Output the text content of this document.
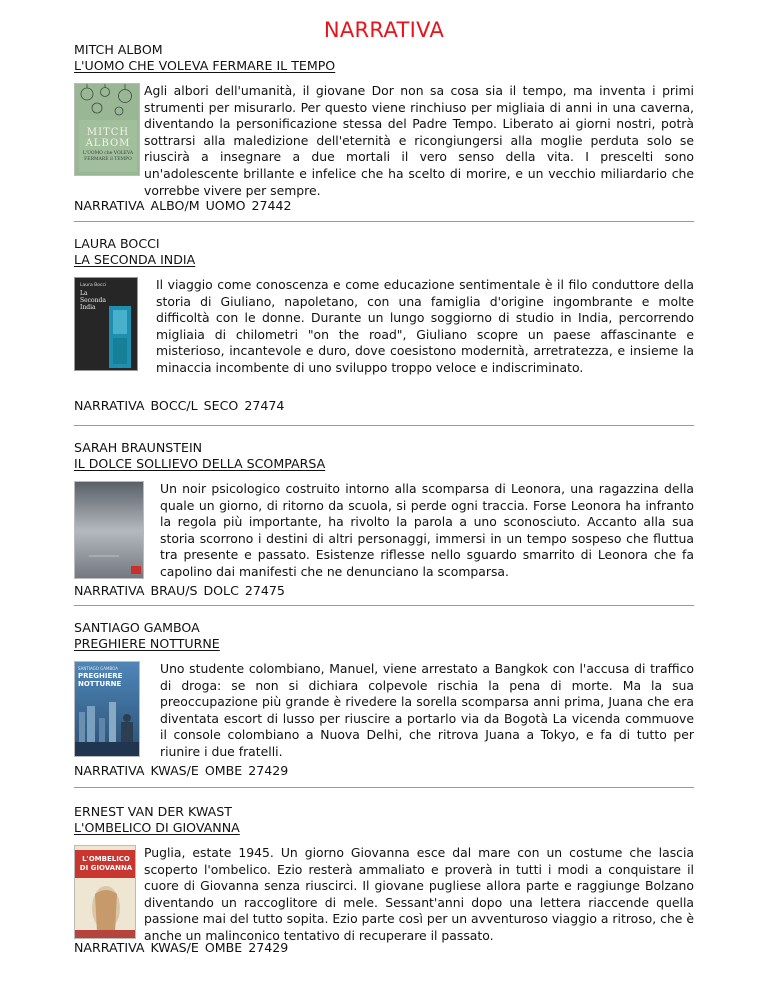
NARRATIVA
MITCH ALBOM
L'UOMO CHE VOLEVA FERMARE IL TEMPO
MITCH
ALBOM
L'UOMO che VOLEVA FERMARE il TEMPO

Agli albori dell'umanità, il giovane Dor non sa cosa sia il tempo, ma inventa i primi strumenti per misurarlo. Per questo viene rinchiuso per migliaia di anni in una caverna, diventando la personificazione stessa del Padre Tempo. Liberato ai giorni nostri, potrà sottrarsi alla maledizione dell'eternità e ricongiungersi alla moglie perduta solo se riuscirà a insegnare a due mortali il vero senso della vita. I prescelti sono un'adolescente brillante e infelice che ha scelto di morire, e un vecchio miliardario che vorrebbe vivere per sempre.

NARRATIVA ALBO/M UOMO 27442
LAURA BOCCI
LA SECONDA INDIA
Laura Bocci
La Seconda India

Il viaggio come conoscenza e come educazione sentimentale è il filo conduttore della storia di Giuliano, napoletano, con una famiglia d'origine ingombrante e molte difficoltà con le donne. Durante un lungo soggiorno di studio in India, percorrendo migliaia di chilometri "on the road", Giuliano scopre un paese affascinante e misterioso, incantevole e duro, dove coesistono modernità, arretratezza, e insieme la minaccia incombente di uno sviluppo troppo veloce e indiscriminato.

NARRATIVA BOCC/L SECO 27474
SARAH BRAUNSTEIN
IL DOLCE SOLLIEVO DELLA SCOMPARSA

Un noir psicologico costruito intorno alla scomparsa di Leonora, una ragazzina della quale un giorno, di ritorno da scuola, si perde ogni traccia. Forse Leonora ha infranto la regola più importante, ha rivolto la parola a uno sconosciuto. Accanto alla sua storia scorrono i destini di altri personaggi, immersi in un tempo sospeso che fluttua tra presente e passato. Esistenze riflesse nello sguardo smarrito di Leonora che fa capolino dai manifesti che ne denunciano la scomparsa.

NARRATIVA BRAU/S DOLC 27475
SANTIAGO GAMBOA
PREGHIERE NOTTURNE
SANTIAGO GAMBOA
PREGHIERE NOTTURNE

Uno studente colombiano, Manuel, viene arrestato a Bangkok con l'accusa di traffico di droga: se non si dichiara colpevole rischia la pena di morte. Ma la sua preoccupazione più grande è rivedere la sorella scomparsa anni prima, Juana che era diventata escort di lusso per riuscire a portarlo via da Bogotà La vicenda commuove il console colombiano a Nuova Delhi, che ritrova Juana a Tokyo, e fa di tutto per riunire i due fratelli.

NARRATIVA KWAS/E OMBE 27429
ERNEST VAN DER KWAST
L'OMBELICO DI GIOVANNA
L'OMBELICO
DI GIOVANNA

Puglia, estate 1945. Un giorno Giovanna esce dal mare con un costume che lascia scoperto l'ombelico. Ezio resterà ammaliato e proverà in tutti i modi a conquistare il cuore di Giovanna senza riuscirci. Il giovane pugliese allora parte e raggiunge Bolzano diventando un raccoglitore di mele. Sessant'anni dopo una lettera riaccende quella passione mai del tutto sopita. Ezio parte così per un avventuroso viaggio a ritroso, che è anche un malinconico tentativo di recuperare il passato.

NARRATIVA KWAS/E OMBE 27429
